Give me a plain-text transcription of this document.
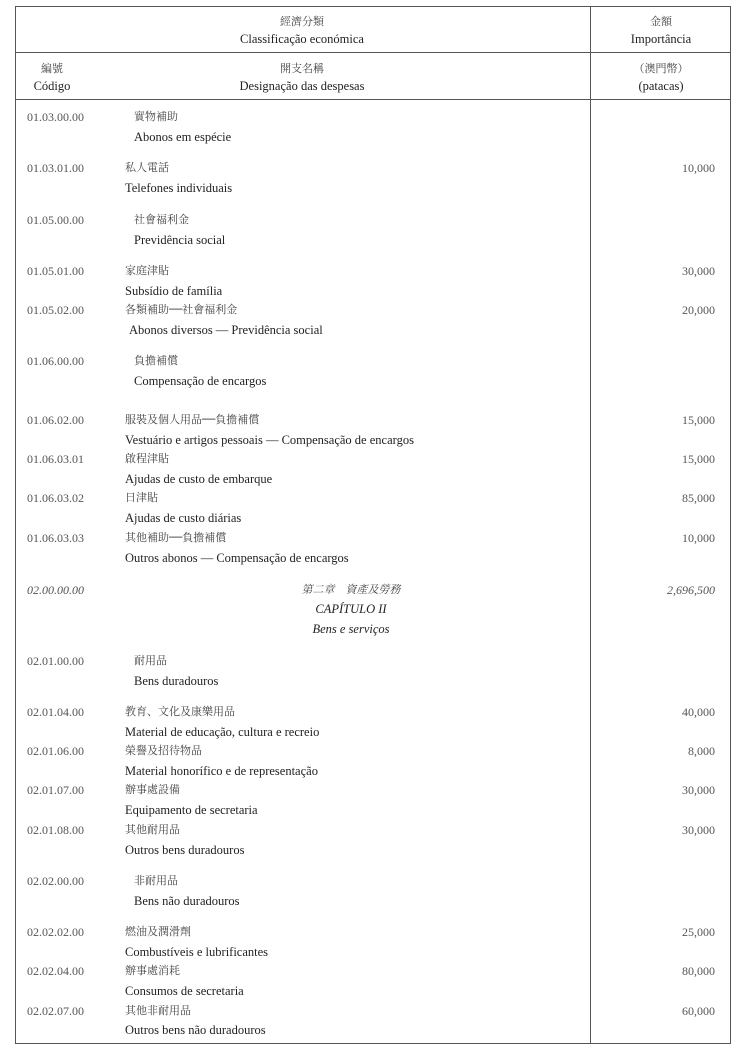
經濟分類
Classificação económica
金額
Importância
編號
Código
開支名稱
Designação das despesas
（澳門幣）
(patacas)
01.03.00.00	實物補助
Abonos em espécie
01.03.01.00	私人電話
Telefones individuais
10,000
01.05.00.00	社會福利金
Previdência social
01.05.01.00	家庭津貼
Subsídio de família
30,000
01.05.02.00	各類補助──社會福利金
Abonos diversos — Previdência social
20,000
01.06.00.00	負擔補償
Compensação de encargos
01.06.02.00	服裝及個人用品──負擔補償
Vestuário e artigos pessoais — Compensação de encargos
15,000
01.06.03.01	啟程津貼
Ajudas de custo de embarque
15,000
01.06.03.02	日津貼
Ajudas de custo diárias
85,000
01.06.03.03	其他補助──負擔補償
Outros abonos — Compensação de encargos
10,000
02.00.00.00	第二章　資產及勞務
CAPÍTULO II
Bens e serviços
2,696,500
02.01.00.00	耐用品
Bens duradouros
02.01.04.00	教育、文化及康樂用品
Material de educação, cultura e recreio
40,000
02.01.06.00	榮譽及招待物品
Material honorífico e de representação
8,000
02.01.07.00	辦事處設備
Equipamento de secretaria
30,000
02.01.08.00	其他耐用品
Outros bens duradouros
30,000
02.02.00.00	非耐用品
Bens não duradouros
02.02.02.00	燃油及潤滑劑
Combustíveis e lubrificantes
25,000
02.02.04.00	辦事處消耗
Consumos de secretaria
80,000
02.02.07.00	其他非耐用品
Outros bens não duradouros
60,000
